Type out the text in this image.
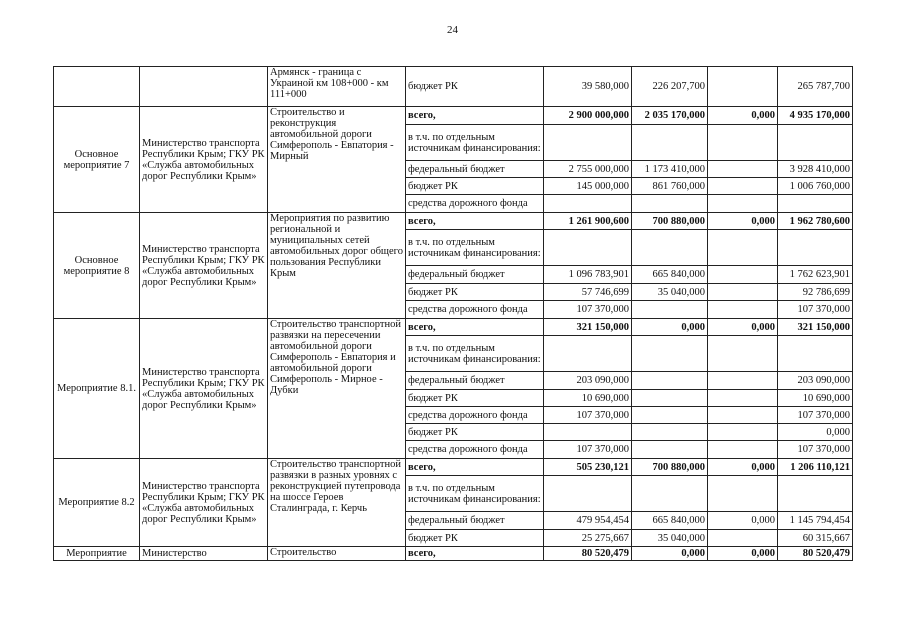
24
		Армянск - граница с Украиной км 108+000 - км 111+000	бюджет РК	39 580,000	226 207,700		265 787,700
Основное мероприятие 7	Министерство транспорта Республики Крым; ГКУ РК «Служба автомобильных дорог Республики Крым»	Строительство и реконструкция автомобильной дороги Симферополь - Евпатория - Мирный	всего,	2 900 000,000	2 035 170,000	0,000	4 935 170,000
			в т.ч. по отдельным источникам финансирования:				
			федеральный бюджет	2 755 000,000	1 173 410,000		3 928 410,000
			бюджет РК	145 000,000	861 760,000		1 006 760,000
			средства дорожного фонда				
Основное мероприятие 8	Министерство транспорта Республики Крым; ГКУ РК «Служба автомобильных дорог Республики Крым»	Мероприятия по развитию региональной и муниципальных сетей автомобильных дорог общего пользования Республики Крым	всего,	1 261 900,600	700 880,000	0,000	1 962 780,600
			в т.ч. по отдельным источникам финансирования:				
			федеральный бюджет	1 096 783,901	665 840,000		1 762 623,901
			бюджет РК	57 746,699	35 040,000		92 786,699
			средства дорожного фонда	107 370,000			107 370,000
Мероприятие 8.1.	Министерство транспорта Республики Крым; ГКУ РК «Служба автомобильных дорог Республики Крым»	Строительство транспортной развязки на пересечении автомобильной дороги Симферополь - Евпатория и автомобильной дороги Симферополь - Мирное - Дубки	всего,	321 150,000	0,000	0,000	321 150,000
			в т.ч. по отдельным источникам финансирования:				
			федеральный бюджет	203 090,000			203 090,000
			бюджет РК	10 690,000			10 690,000
			средства дорожного фонда	107 370,000			107 370,000
			бюджет РК				0,000
			средства дорожного фонда	107 370,000			107 370,000
Мероприятие 8.2	Министерство транспорта Республики Крым; ГКУ РК «Служба автомобильных дорог Республики Крым»	Строительство транспортной развязки в разных уровнях с реконструкцией путепровода на шоссе Героев Сталинграда, г. Керчь	всего,	505 230,121	700 880,000	0,000	1 206 110,121
			в т.ч. по отдельным источникам финансирования:				
			федеральный бюджет	479 954,454	665 840,000	0,000	1 145 794,454
			бюджет РК	25 275,667	35 040,000		60 315,667
Мероприятие	Министерство	Строительство	всего,	80 520,479	0,000	0,000	80 520,479
